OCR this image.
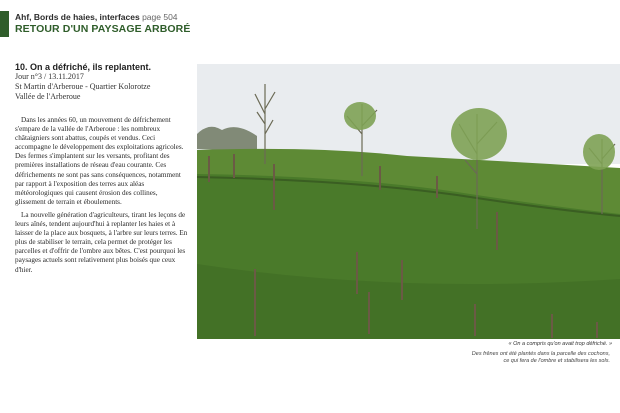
Ahf, Bords de haies, interfaces page 504
RETOUR D'UN PAYSAGE ARBORÉ
10. On a défriché, ils replantent.
Jour n°3 / 13.11.2017
St Martin d'Arberoue - Quartier Kolorotze
Vallée de l'Arberoue

Dans les années 60, un mouvement de défrichement s'empare de la vallée de l'Arberoue : les nombreux châtaigniers sont abattus, coupés et vendus. Ceci accompagne le développement des exploitations agricoles. Des fermes s'implantent sur les versants, profitant des premières installations de réseau d'eau courante. Ces défrichements ne sont pas sans conséquences, notamment par rapport à l'exposition des terres aux aléas météorologiques qui causent érosion des collines, glissement de terrain et éboulements.

La nouvelle génération d'agriculteurs, tirant les leçons de leurs aînés, tendent aujourd'hui à replanter les haies et à laisser de la place aux bosquets, à l'arbre sur leurs terres. En plus de stabiliser le terrain, cela permet de protéger les parcelles et d'offrir de l'ombre aux bêtes. C'est pourquoi les paysages actuels sont relativement plus boisés que ceux d'hier.

« On a compris qu'on avait trop défriché. »
Des frênes ont été plantés dans la parcelle des cochons,
ce qui fera de l'ombre et stabilisera les sols.
